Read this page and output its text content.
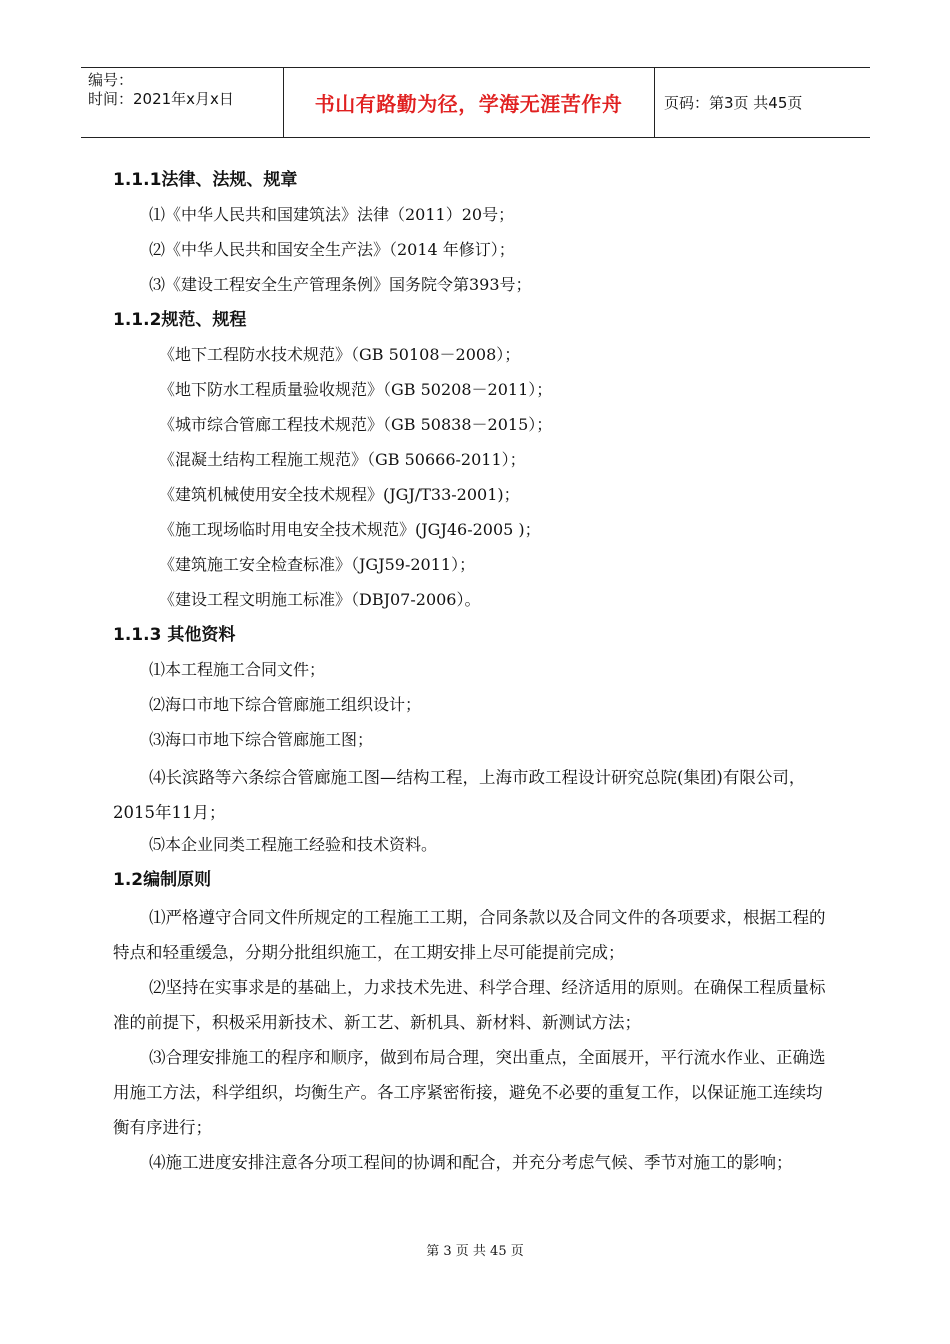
编号：
时间：2021年x月x日	书山有路勤为径，学海无涯苦作舟	页码：第3页 共45页
1.1.1法律、法规、规章
⑴《中华人民共和国建筑法》法律（2011）20号；
⑵《中华人民共和国安全生产法》（2014 年修订）；
⑶《建设工程安全生产管理条例》国务院令第393号；
1.1.2规范、规程
《地下工程防水技术规范》（GB 50108－2008）；
《地下防水工程质量验收规范》（GB 50208－2011）；
《城市综合管廊工程技术规范》（GB 50838－2015）；
《混凝土结构工程施工规范》（GB 50666-2011）；
《建筑机械使用安全技术规程》(JGJ/T33-2001)；
《施工现场临时用电安全技术规范》(JGJ46-2005 )；
《建筑施工安全检查标准》（JGJ59-2011）；
《建设工程文明施工标准》（DBJ07-2006）。
1.1.3 其他资料
⑴本工程施工合同文件；
⑵海口市地下综合管廊施工组织设计；
⑶海口市地下综合管廊施工图；

⑷长滨路等六条综合管廊施工图—结构工程，上海市政工程设计研究总院(集团)有限公司，2015年11月；

⑸本企业同类工程施工经验和技术资料。
1.2编制原则

⑴严格遵守合同文件所规定的工程施工工期，合同条款以及合同文件的各项要求，根据工程的特点和轻重缓急，分期分批组织施工，在工期安排上尽可能提前完成；

⑵坚持在实事求是的基础上，力求技术先进、科学合理、经济适用的原则。在确保工程质量标准的前提下，积极采用新技术、新工艺、新机具、新材料、新测试方法；

⑶合理安排施工的程序和顺序，做到布局合理，突出重点，全面展开，平行流水作业、正确选用施工方法，科学组织，均衡生产。各工序紧密衔接，避免不必要的重复工作，以保证施工连续均衡有序进行；

⑷施工进度安排注意各分项工程间的协调和配合，并充分考虑气候、季节对施工的影响；

第 3 页 共 45 页
